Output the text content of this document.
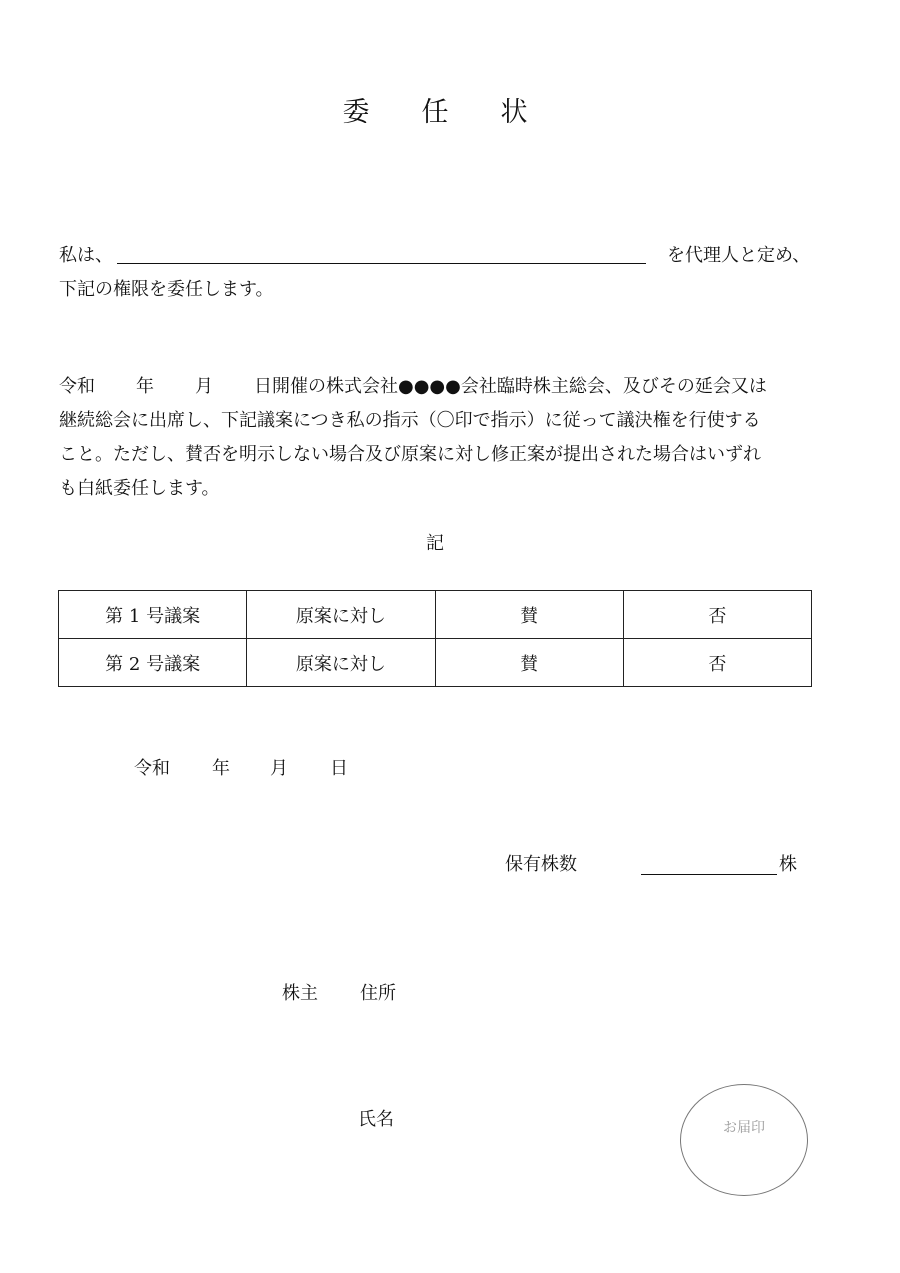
委 任 状
私は、	を代理人と定め、
下記の権限を委任します。
令和 年 月 日開催の株式会社●●●●会社臨時株主総会、及びその延会又は
継続総会に出席し、下記議案につき私の指示（〇印で指示）に従って議決権を行使する
こと。ただし、賛否を明示しない場合及び原案に対し修正案が提出された場合はいずれ
も白紙委任します。
記
第 1 号議案	原案に対し	賛	否
第 2 号議案	原案に対し	賛	否
令和 年 月 日
保有株数	株
株主 住所
氏名	お届印
